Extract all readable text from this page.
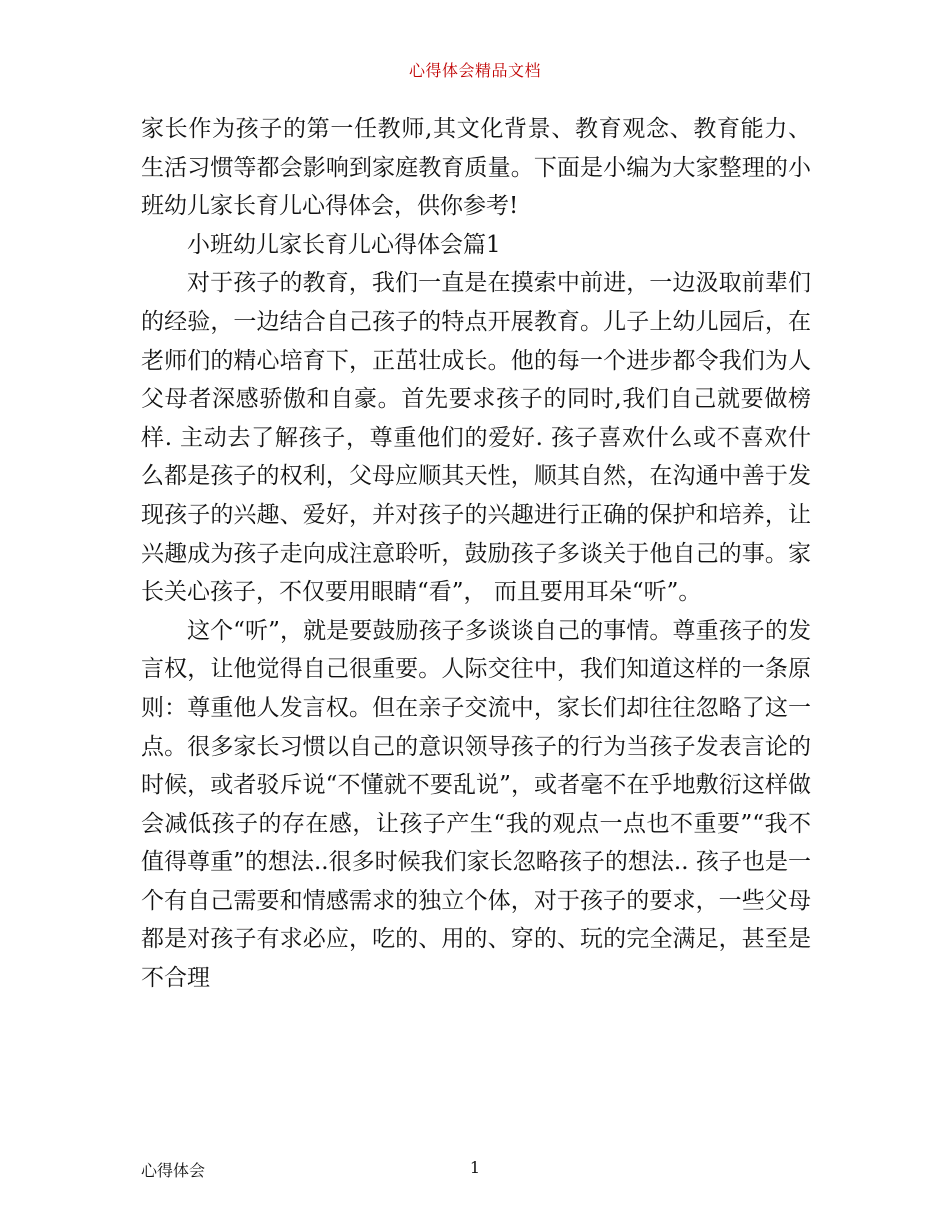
心得体会精品文档

家长作为孩子的第一任教师,其文化背景、教育观念、教育能力、生活习惯等都会影响到家庭教育质量。下面是小编为大家整理的小班幼儿家长育儿心得体会，供你参考!

小班幼儿家长育儿心得体会篇1

对于孩子的教育，我们一直是在摸索中前进，一边汲取前辈们的经验，一边结合自己孩子的特点开展教育。儿子上幼儿园后，在老师们的精心培育下，正茁壮成长。他的每一个进步都令我们为人父母者深感骄傲和自豪。首先要求孩子的同时,我们自己就要做榜样. 主动去了解孩子，尊重他们的爱好. 孩子喜欢什么或不喜欢什么都是孩子的权利，父母应顺其天性，顺其自然，在沟通中善于发现孩子的兴趣、爱好，并对孩子的兴趣进行正确的保护和培养，让兴趣成为孩子走向成注意聆听，鼓励孩子多谈关于他自己的事。家长关心孩子，不仅要用眼睛“看”， 而且要用耳朵“听”。

这个“听”，就是要鼓励孩子多谈谈自己的事情。尊重孩子的发言权，让他觉得自己很重要。人际交往中，我们知道这样的一条原则：尊重他人发言权。但在亲子交流中，家长们却往往忽略了这一点。很多家长习惯以自己的意识领导孩子的行为当孩子发表言论的时候，或者驳斥说“不懂就不要乱说”，或者毫不在乎地敷衍这样做会减低孩子的存在感，让孩子产生“我的观点一点也不重要”“我不值得尊重”的想法..很多时候我们家长忽略孩子的想法.. 孩子也是一个有自己需要和情感需求的独立个体，对于孩子的要求，一些父母都是对孩子有求必应，吃的、用的、穿的、玩的完全满足，甚至是不合理

心得体会	1
